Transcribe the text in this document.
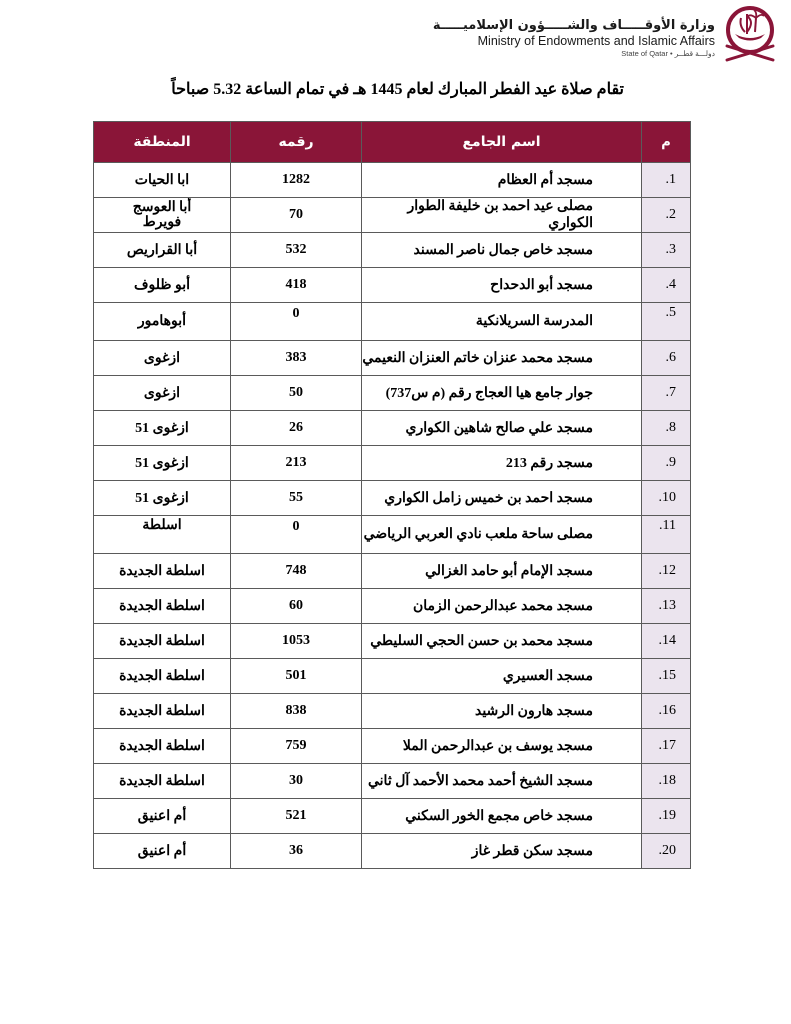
وزارة الأوقـــــاف والشـــــؤون الإسلاميـــــة
Ministry of Endowments and Islamic Affairs
State of Qatar • دولـــة قطــر
تقام صلاة عيد الفطر المبارك لعام 1445 هـ في تمام الساعة 5.32 صباحاً
م	اسم الجامع	رقمه	المنطقة
1.	مسجد أم العظام	1282	ابا الحيات
2.	مصلى عيد احمد بن خليفة الطوار الكواري	70	أبا العوسج فويرط
3.	مسجد خاص جمال ناصر المسند	532	أبا القراريص
4.	مسجد أبو الدحداح	418	أبو ظلوف
5.	المدرسة السريلانكية	0	أبوهامور
6.	مسجد محمد عنزان خاتم العنزان النعيمي	383	ازغوى
7.	جوار جامع هيا العجاج رقم (م س737)	50	ازغوى
8.	مسجد علي صالح شاهين الكواري	26	ازغوى 51
9.	مسجد رقم 213	213	ازغوى 51
10.	مسجد احمد بن خميس زامل الكواري	55	ازغوى 51
11.	مصلى ساحة ملعب نادي العربي الرياضي	0	اسلطة
12.	مسجد الإمام أبو حامد الغزالي	748	اسلطة الجديدة
13.	مسجد محمد عبدالرحمن الزمان	60	اسلطة الجديدة
14.	مسجد محمد بن حسن الحجي السليطي	1053	اسلطة الجديدة
15.	مسجد العسيري	501	اسلطة الجديدة
16.	مسجد هارون الرشيد	838	اسلطة الجديدة
17.	مسجد يوسف بن عبدالرحمن الملا	759	اسلطة الجديدة
18.	مسجد الشيخ أحمد محمد الأحمد آل ثاني	30	اسلطة الجديدة
19.	مسجد خاص مجمع الخور السكني	521	أم اعنيق
20.	مسجد سكن قطر غاز	36	أم اعنيق
